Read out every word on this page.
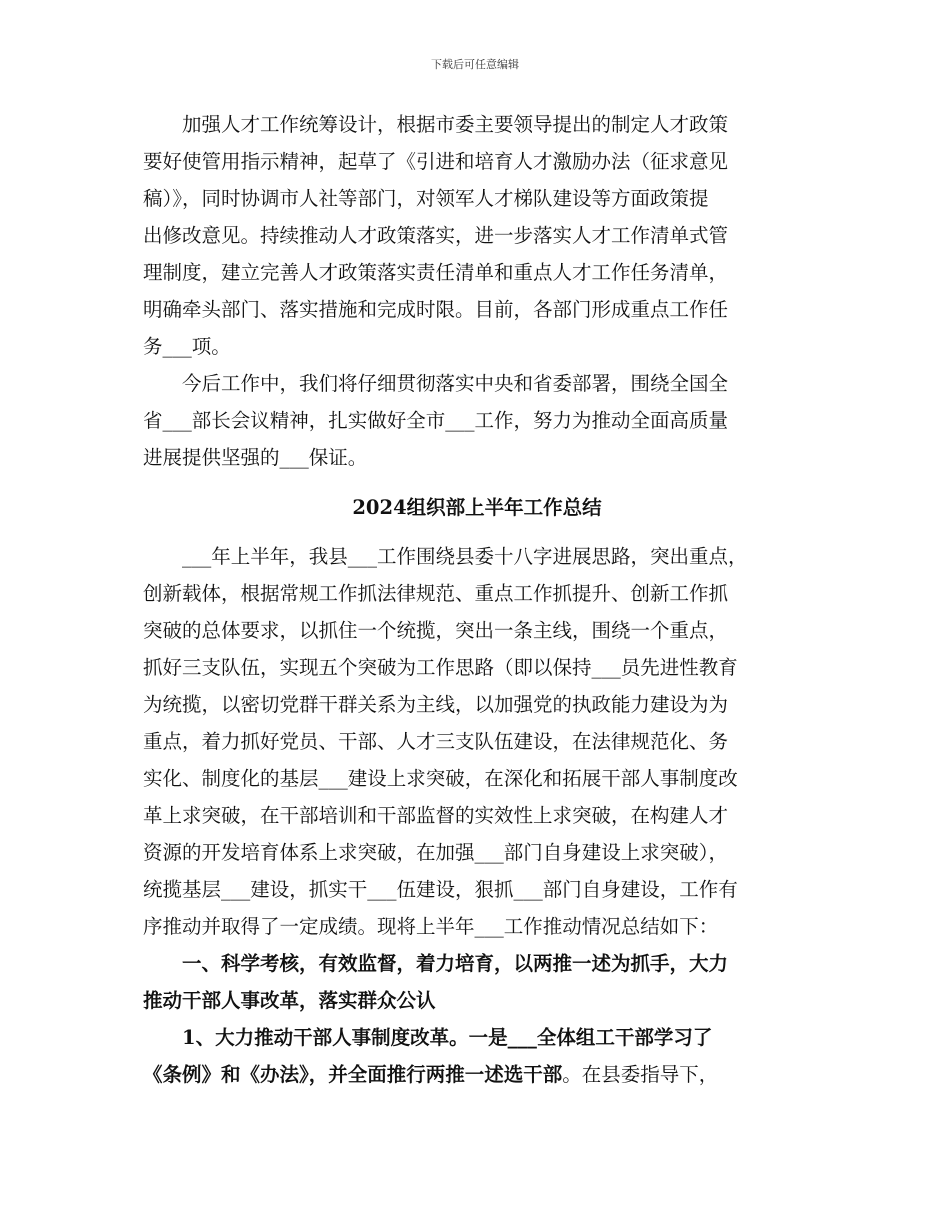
下载后可任意编辑

加强人才工作统筹设计，根据市委主要领导提出的制定人才政策
要好使管用指示精神，起草了《引进和培育人才激励办法（征求意见
稿）》，同时协调市人社等部门，对领军人才梯队建设等方面政策提
出修改意见。持续推动人才政策落实，进一步落实人才工作清单式管
理制度，建立完善人才政策落实责任清单和重点人才工作任务清单，
明确牵头部门、落实措施和完成时限。目前，各部门形成重点工作任
务___项。

今后工作中，我们将仔细贯彻落实中央和省委部署，围绕全国全
省___部长会议精神，扎实做好全市___工作，努力为推动全面高质量
进展提供坚强的___保证。

2024组织部上半年工作总结

___年上半年，我县___工作围绕县委十八字进展思路，突出重点，
创新载体，根据常规工作抓法律规范、重点工作抓提升、创新工作抓
突破的总体要求，以抓住一个统揽，突出一条主线，围绕一个重点，
抓好三支队伍，实现五个突破为工作思路（即以保持___员先进性教育
为统揽，以密切党群干群关系为主线，以加强党的执政能力建设为为
重点，着力抓好党员、干部、人才三支队伍建设，在法律规范化、务
实化、制度化的基层___建设上求突破，在深化和拓展干部人事制度改
革上求突破，在干部培训和干部监督的实效性上求突破，在构建人才
资源的开发培育体系上求突破，在加强___部门自身建设上求突破），
统揽基层___建设，抓实干___伍建设，狠抓___部门自身建设，工作有
序推动并取得了一定成绩。现将上半年___工作推动情况总结如下：

一、科学考核，有效监督，着力培育，以两推一述为抓手，大力
推动干部人事改革，落实群众公认

1、大力推动干部人事制度改革。一是___全体组工干部学习了
《条例》和《办法》，并全面推行两推一述选干部。在县委指导下，
